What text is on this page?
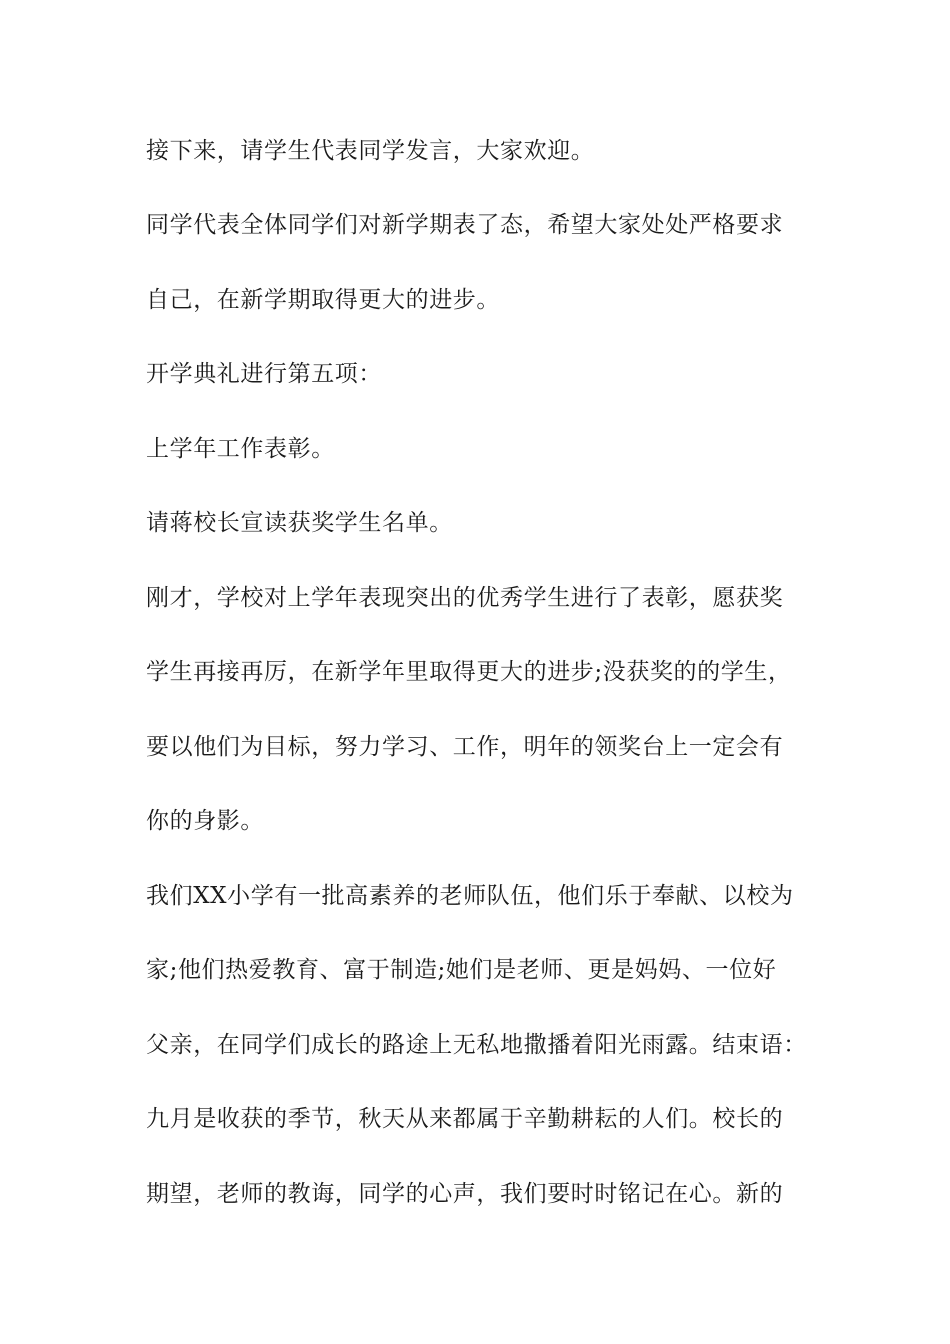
接下来，请学生代表同学发言，大家欢迎。
同学代表全体同学们对新学期表了态，希望大家处处严格要求
自己，在新学期取得更大的进步。
开学典礼进行第五项：
上学年工作表彰。
请蒋校长宣读获奖学生名单。
刚才，学校对上学年表现突出的优秀学生进行了表彰，愿获奖
学生再接再厉，在新学年里取得更大的进步;没获奖的的学生，
要以他们为目标，努力学习、工作，明年的领奖台上一定会有
你的身影。
我们XX小学有一批高素养的老师队伍，他们乐于奉献、以校为
家;他们热爱教育、富于制造;她们是老师、更是妈妈、一位好
父亲，在同学们成长的路途上无私地撒播着阳光雨露。结束语：
九月是收获的季节，秋天从来都属于辛勤耕耘的人们。校长的
期望，老师的教诲，同学的心声，我们要时时铭记在心。新的
